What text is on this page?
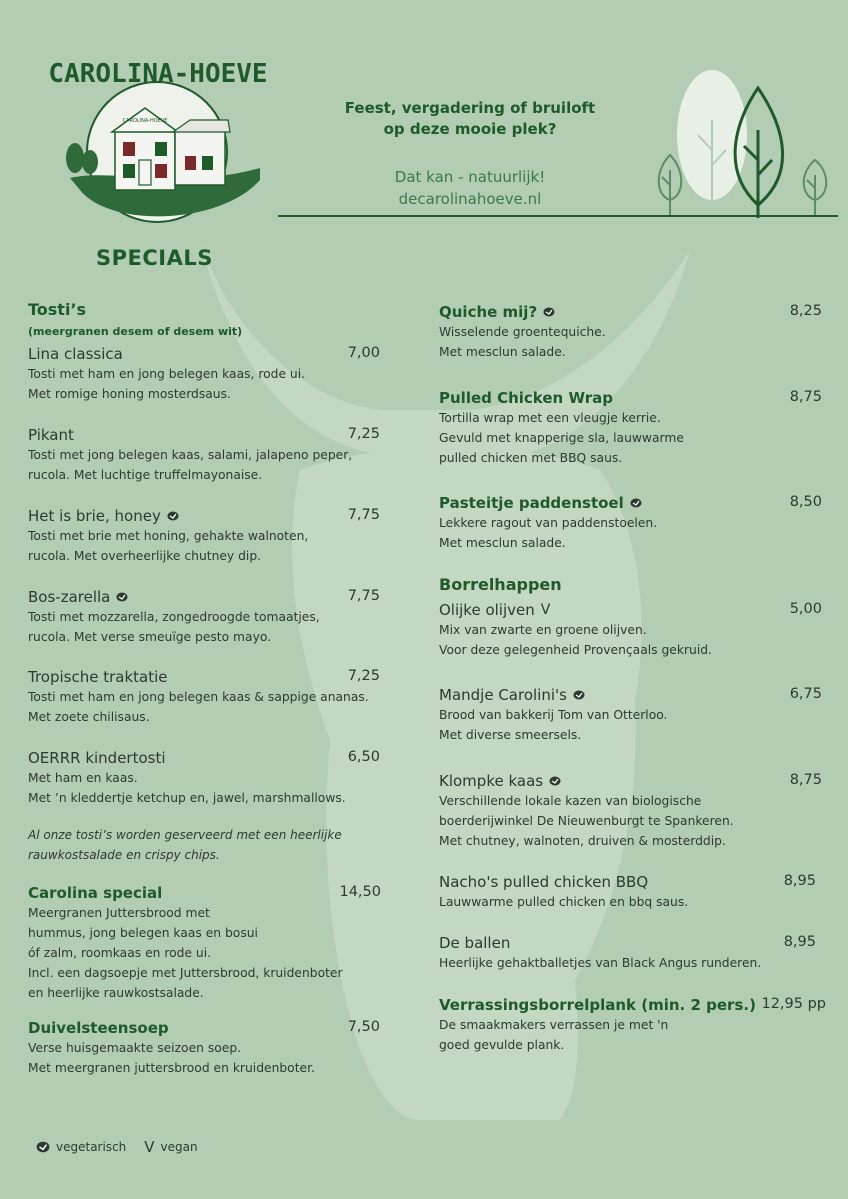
CAROLINA-HOEVE
CAROLINA-HOEVE
SPECIALS
Feest, vergadering of bruiloft
op deze mooie plek?
Dat kan - natuurlijk!
decarolinahoeve.nl
Tosti’s
(meergranen desem of desem wit)
Lina classica
Tosti met ham en jong belegen kaas, rode ui.
Met romige honing mosterdsaus.
7,00
Pikant
Tosti met jong belegen kaas, salami, jalapeno peper,
rucola. Met luchtige truffelmayonaise.
7,25
Het is brie, honey
Tosti met brie met honing, gehakte walnoten,
rucola. Met overheerlijke chutney dip.
7,75
Bos-zarella
Tosti met mozzarella, zongedroogde tomaatjes,
rucola. Met verse smeuïge pesto mayo.
7,75
Tropische traktatie
Tosti met ham en jong belegen kaas & sappige ananas.
Met zoete chilisaus.
7,25
OERRR kindertosti
Met ham en kaas.
Met ’n kleddertje ketchup en, jawel, marshmallows.
6,50
Al onze tosti’s worden geserveerd met een heerlijke
rauwkostsalade en crispy chips.
Carolina special
Meergranen Juttersbrood met
hummus, jong belegen kaas en bosui
óf zalm, roomkaas en rode ui.
Incl. een dagsoepje met Juttersbrood, kruidenboter
en heerlijke rauwkostsalade.
14,50
Duivelsteensoep
Verse huisgemaakte seizoen soep.
Met meergranen juttersbrood en kruidenboter.
7,50
Quiche mij?
Wisselende groentequiche.
Met mesclun salade.
8,25
Pulled Chicken Wrap
Tortilla wrap met een vleugje kerrie.
Gevuld met knapperige sla, lauwwarme
pulled chicken met BBQ saus.
8,75
Pasteitje paddenstoel
Lekkere ragout van paddenstoelen.
Met mesclun salade.
8,50
Borrelhappen
Olijke olijven V
Mix van zwarte en groene olijven.
Voor deze gelegenheid Provençaals gekruid.
5,00
Mandje Carolini's
Brood van bakkerij Tom van Otterloo.
Met diverse smeersels.
6,75
Klompke kaas
Verschillende lokale kazen van biologische
boerderijwinkel De Nieuwenburgt te Spankeren.
Met chutney, walnoten, druiven & mosterddip.
8,75
Nacho's pulled chicken BBQ
Lauwwarme pulled chicken en bbq saus.
8,95
De ballen
Heerlijke gehaktballetjes van Black Angus runderen.
8,95
Verrassingsborrelplank (min. 2 pers.)
De smaakmakers verrassen je met 'n
goed gevulde plank.
12,95 pp
vegetarisch V vegan
